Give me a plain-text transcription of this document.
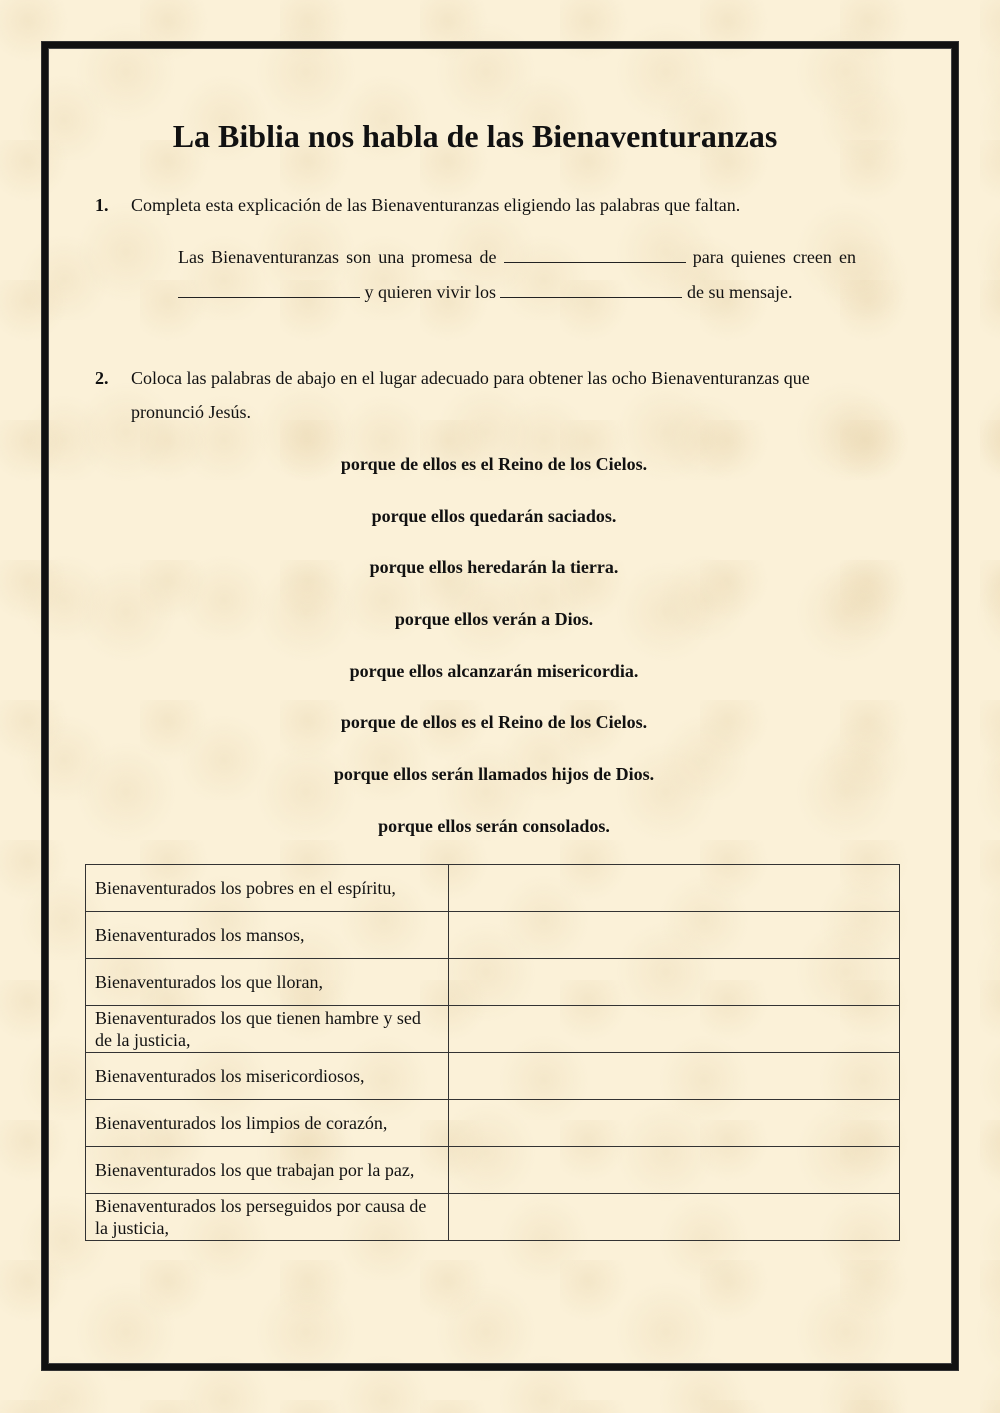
La Biblia nos habla de las Bienaventuranzas
1. Completa esta explicación de las Bienaventuranzas eligiendo las palabras que faltan.
Las Bienaventuranzas son una promesa de	para quienes creen en  y quieren vivir los	de su mensaje.
2. Coloca las palabras de abajo en el lugar adecuado para obtener las ocho Bienaventuranzas que pronunció Jesús.
porque de ellos es el Reino de los Cielos.
porque ellos quedarán saciados.
porque ellos heredarán la tierra.
porque ellos verán a Dios.
porque ellos alcanzarán misericordia.
porque de ellos es el Reino de los Cielos.
porque ellos serán llamados hijos de Dios.
porque ellos serán consolados.
Bienaventurados los pobres en el espíritu,	
Bienaventurados los mansos,	
Bienaventurados los que lloran,	
Bienaventurados los que tienen hambre y sed de la justicia,	
Bienaventurados los misericordiosos,	
Bienaventurados los limpios de corazón,	
Bienaventurados los que trabajan por la paz,	
Bienaventurados los perseguidos por causa de la justicia,	
